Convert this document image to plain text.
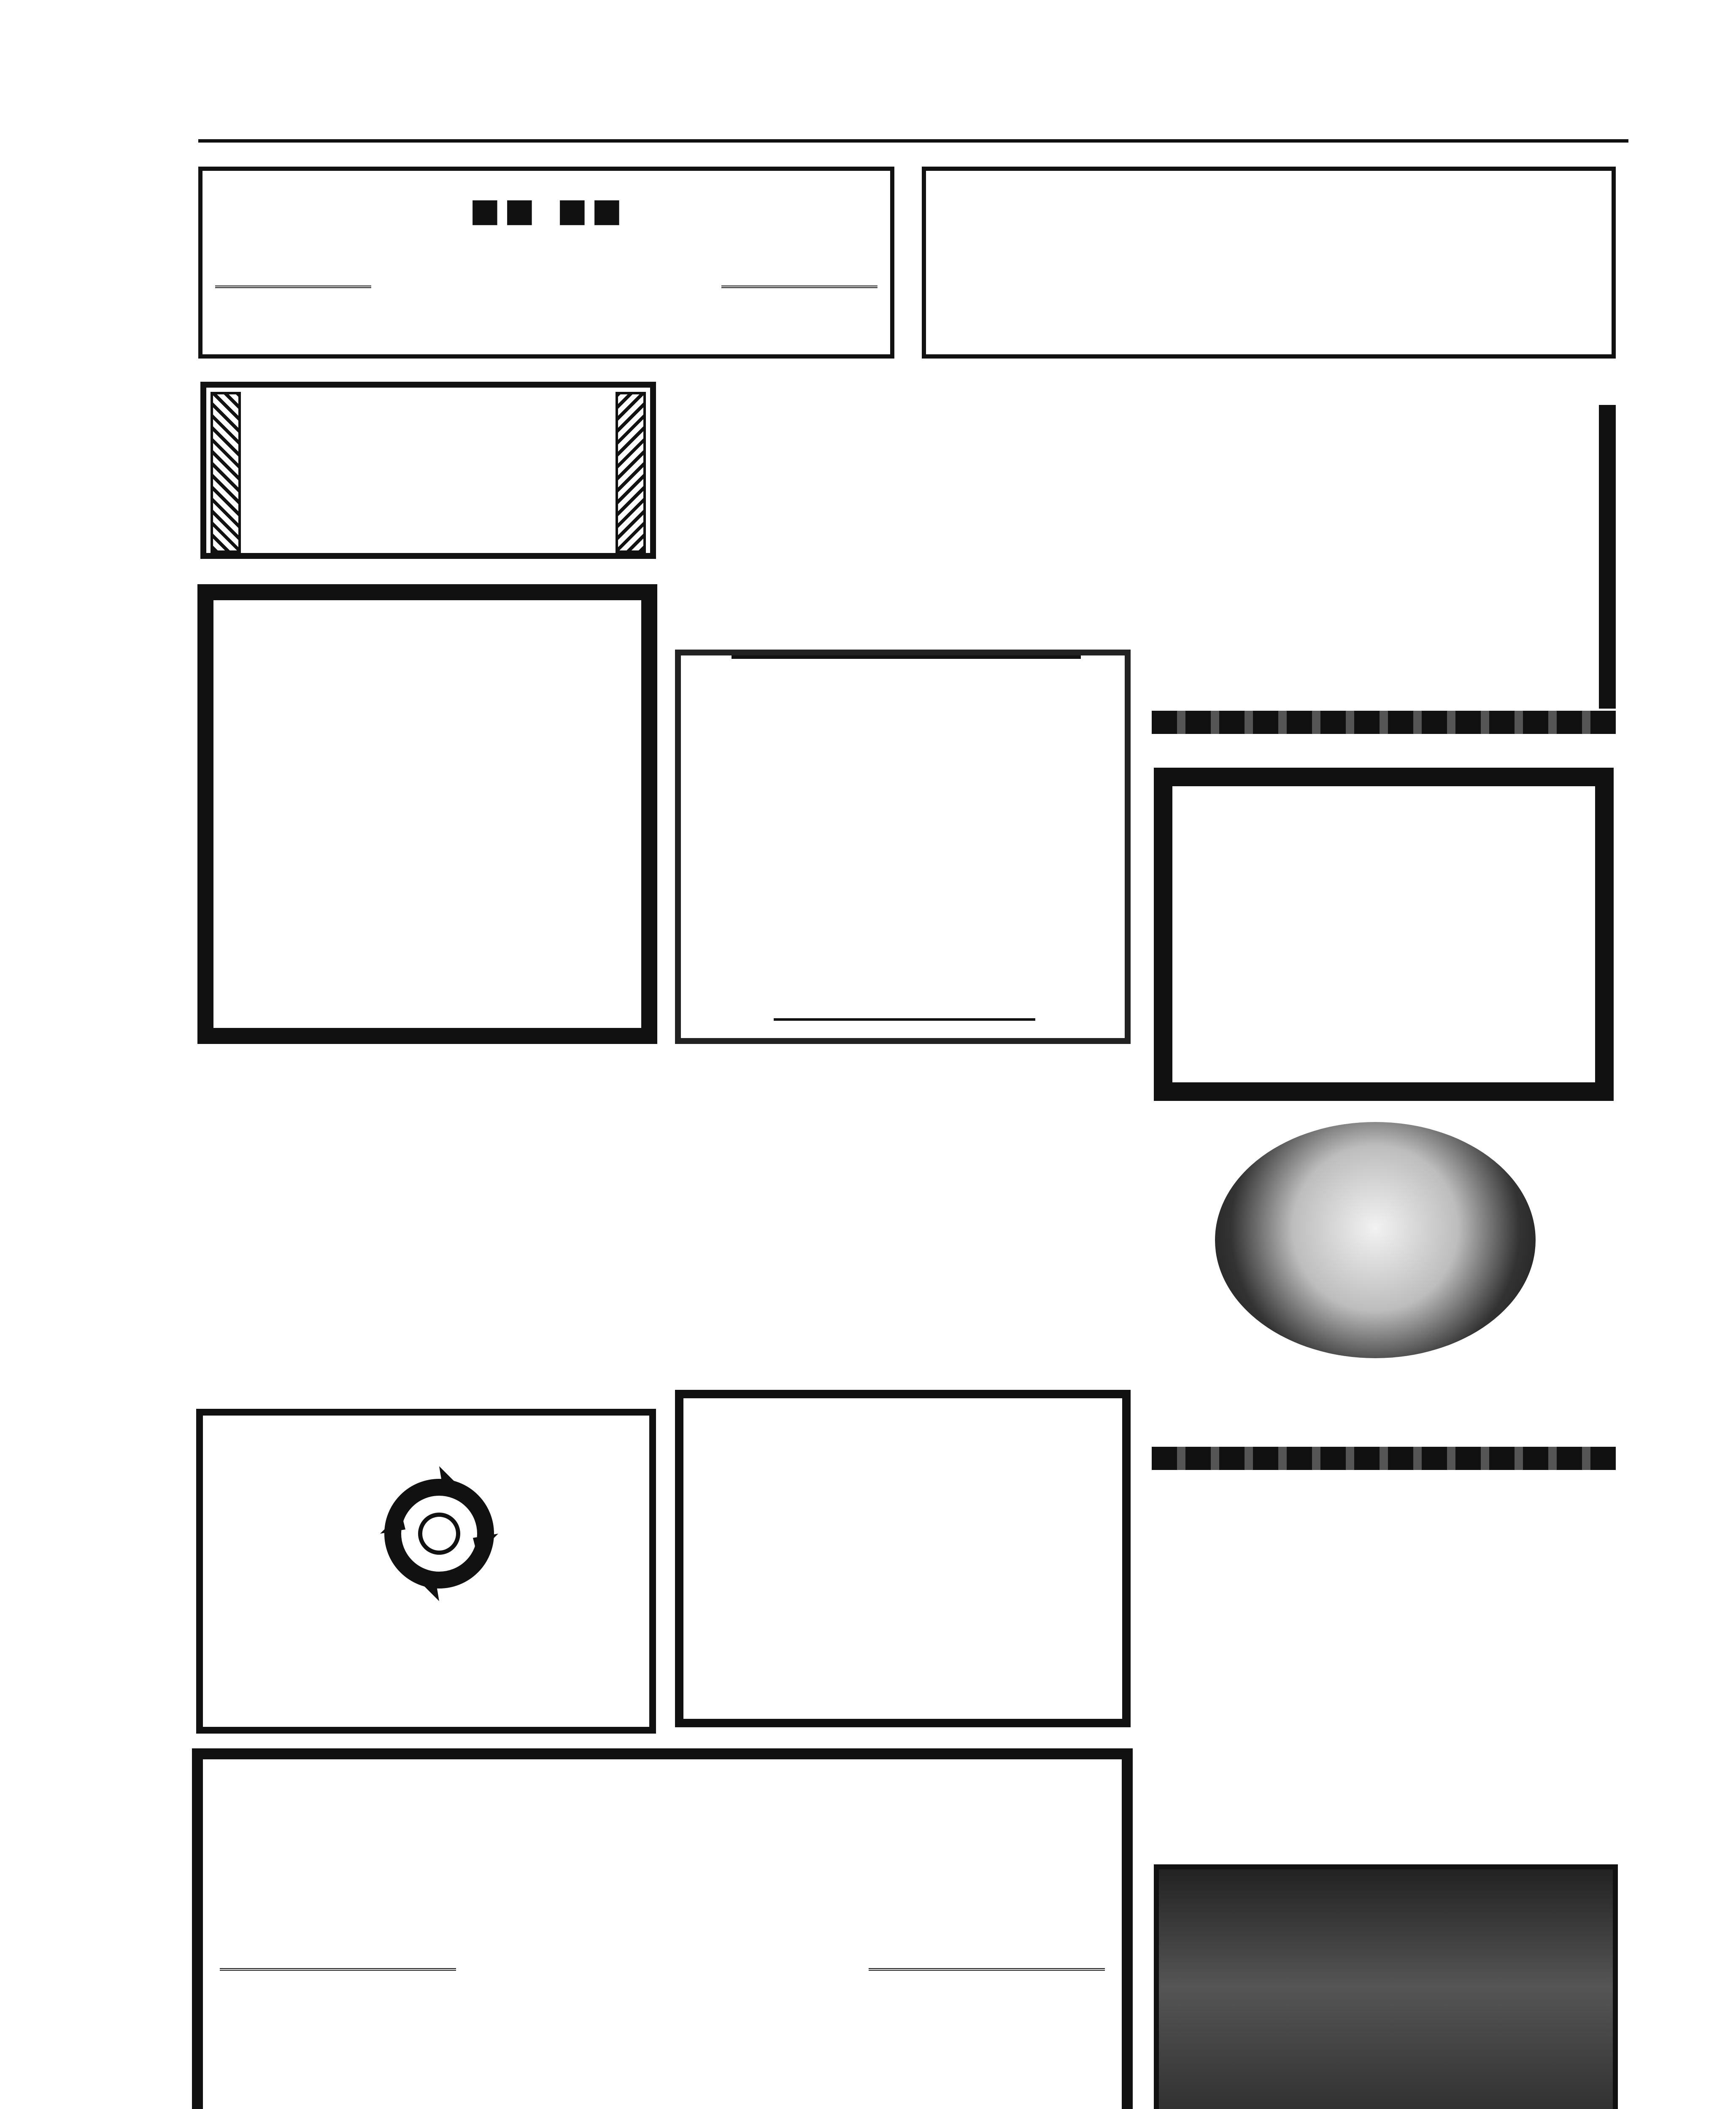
▪▪ ▪▪
